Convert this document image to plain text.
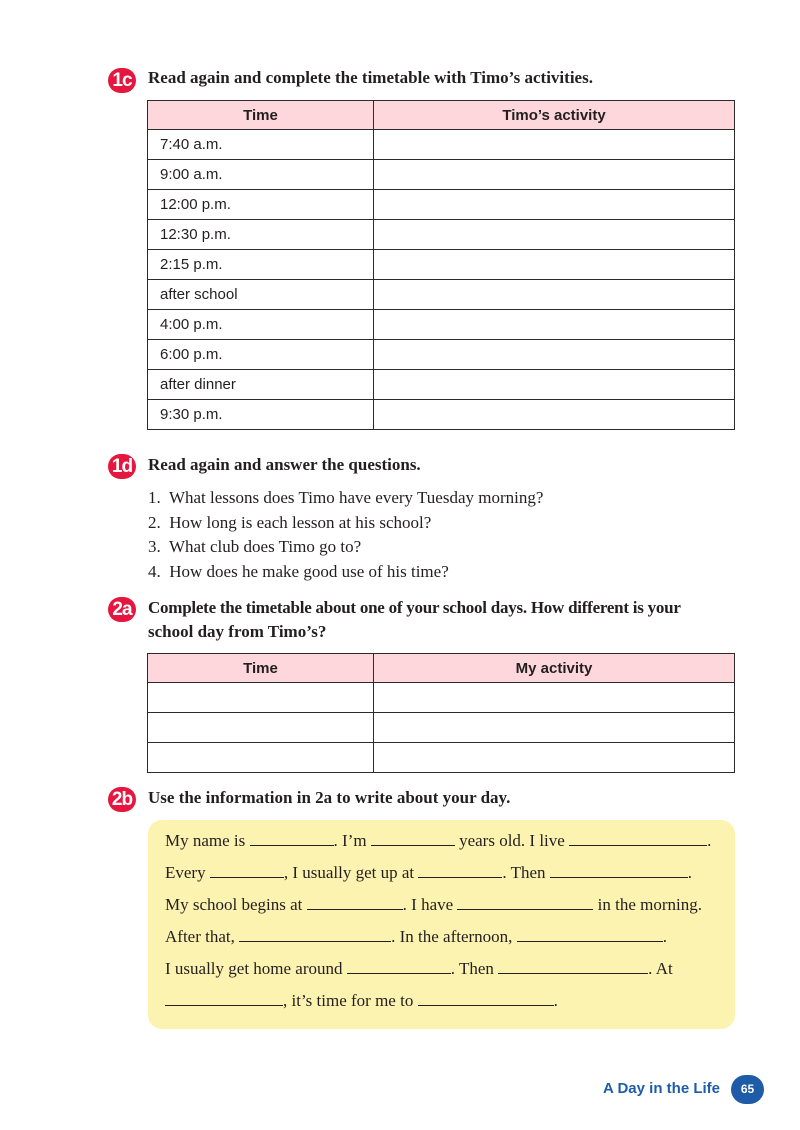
1c Read again and complete the timetable with Timo’s activities.
Time	Timo’s activity
7:40 a.m.	
9:00 a.m.	
12:00 p.m.	
12:30 p.m.	
2:15 p.m.	
after school	
4:00 p.m.	
6:00 p.m.	
after dinner	
9:30 p.m.	
1d Read again and answer the questions.
1.  What lessons does Timo have every Tuesday morning?
2.  How long is each lesson at his school?
3.  What club does Timo go to?
4.  How does he make good use of his time?
2a Complete the timetable about one of your school days. How different is your
school day from Timo’s?
Time	My activity

2b Use the information in 2a to write about your day.
My name is	. I’m	years old. I live	.
Every	, I usually get up at	. Then	.
My school begins at	. I have	in the morning.
After that,	. In the afternoon,	.
I usually get home around	. Then	. At
, it’s time for me to	.
A Day in the Life	65
